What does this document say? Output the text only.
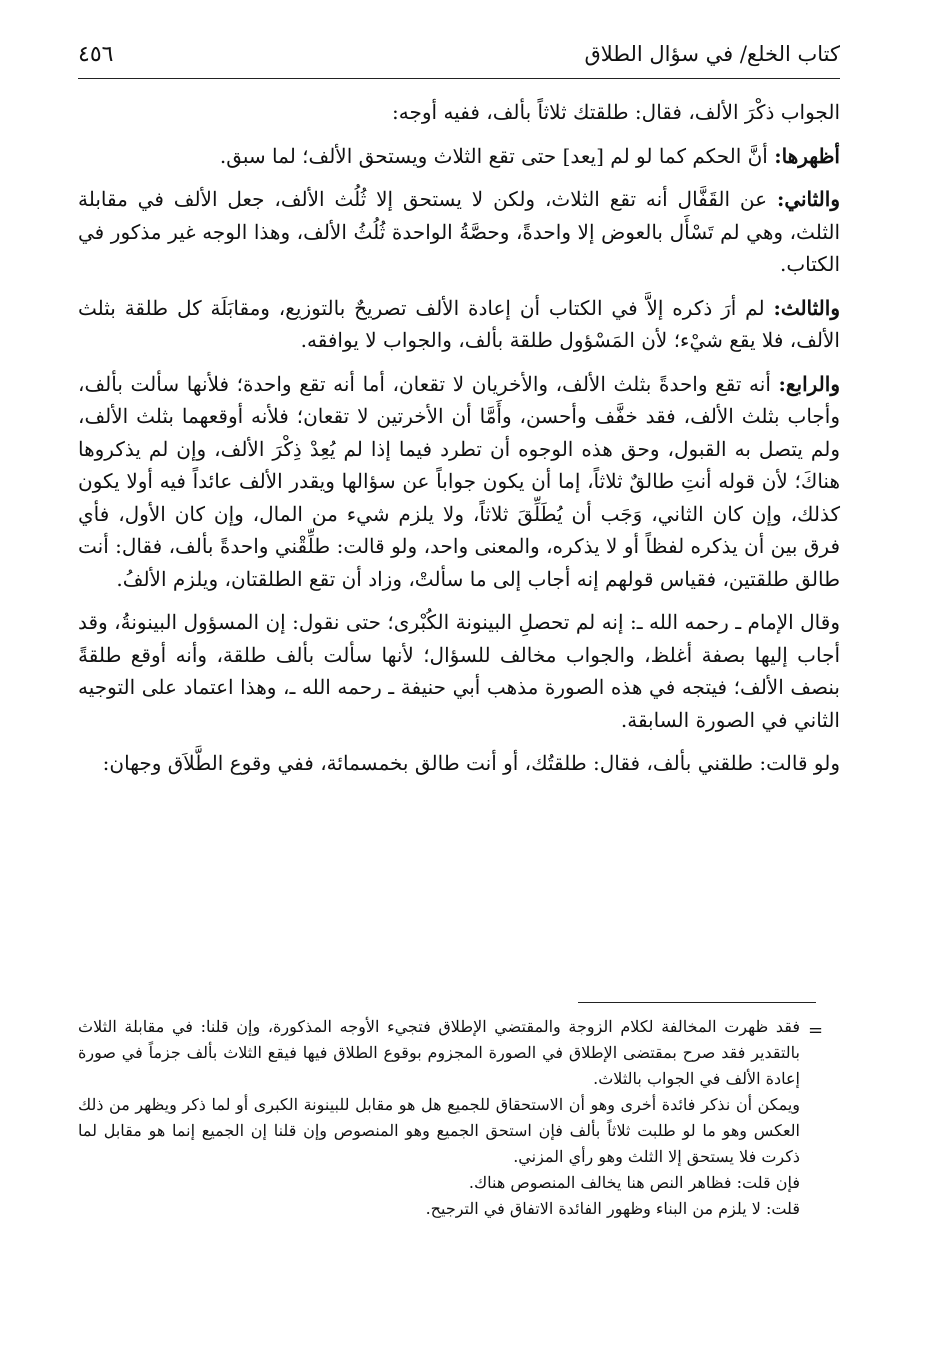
كتاب الخلع/ في سؤال الطلاق
٤٥٦

الجواب ذكْرَ الألف، فقال: طلقتك ثلاثاً بألف، ففيه أوجه:

أظهرها: أنَّ الحكم كما لو لم [يعد] حتى تقع الثلاث ويستحق الألف؛ لما سبق.

والثاني: عن القَفَّال أنه تقع الثلاث، ولكن لا يستحق إلا ثُلُث الألف، جعل الألف في مقابلة الثلث، وهي لم تَسْأَل بالعوض إلا واحدةً، وحصَّةُ الواحدة ثُلُثُ الألف، وهذا الوجه غير مذكور في الكتاب.

والثالث: لم أرَ ذكره إلاَّ في الكتاب أن إعادة الألف تصريحٌ بالتوزيع، ومقابَلَة كل طلقة بثلث الألف، فلا يقع شيْء؛ لأن المَسْؤول طلقة بألف، والجواب لا يوافقه.

والرابع: أنه تقع واحدةً بثلث الألف، والأخريان لا تقعان، أما أنه تقع واحدة؛ فلأنها سألت بألف، وأجاب بثلث الألف، فقد خفَّف وأحسن، وأَمَّا أن الأخرتين لا تقعان؛ فلأنه أوقعهما بثلث الألف، ولم يتصل به القبول، وحق هذه الوجوه أن تطرد فيما إذا لم يُعِدْ ذِكْرَ الألف، وإن لم يذكروها هناكَ؛ لأن قوله أنتِ طالقٌ ثلاثاً، إما أن يكون جواباً عن سؤالها ويقدر الألف عائداً فيه أولا يكون كذلك، وإن كان الثاني، وَجَب أن يُطَلِّقَ ثلاثاً، ولا يلزم شيء من المال، وإن كان الأول، فأي فرق بين أن يذكره لفظاً أو لا يذكره، والمعنى واحد، ولو قالت: طلِّقْني واحدةً بألف، فقال: أنت طالق طلقتين، فقياس قولهم إنه أجاب إلى ما سألتْ، وزاد أن تقع الطلقتان، ويلزم الألفُ.

وقال الإمام ـ رحمه الله ـ: إنه لم تحصلِ البينونة الكُبْرى؛ حتى نقول: إن المسؤول البينونةُ، وقد أجاب إليها بصفة أغلظ، والجواب مخالف للسؤال؛ لأنها سألت بألف طلقة، وأنه أوقع طلقةً بنصف الألف؛ فيتجه في هذه الصورة مذهب أبي حنيفة ـ رحمه الله ـ، وهذا اعتماد على التوجيه الثاني في الصورة السابقة.

ولو قالت: طلقني بألف، فقال: طلقتُك، أو أنت طالق بخمسمائة، ففي وقوع الطَّلاَق وجهان:

=

فقد ظهرت المخالفة لكلام الزوجة والمقتضي الإطلاق فتجيء الأوجه المذكورة، وإن قلنا: في مقابلة الثلاث بالتقدير فقد صرح بمقتضى الإطلاق في الصورة المجزوم بوقوع الطلاق فيها فيقع الثلاث بألف جزماً في صورة إعادة الألف في الجواب بالثلاث.

ويمكن أن نذكر فائدة أخرى وهو أن الاستحقاق للجميع هل هو مقابل للبينونة الكبرى أو لما ذكر ويظهر من ذلك العكس وهو ما لو طلبت ثلاثاً بألف فإن استحق الجميع وهو المنصوص وإن قلنا إن الجميع إنما هو مقابل لما ذكرت فلا يستحق إلا الثلث وهو رأي المزني.

فإن قلت: فظاهر النص هنا يخالف المنصوص هناك.

قلت: لا يلزم من البناء وظهور الفائدة الاتفاق في الترجيح.
